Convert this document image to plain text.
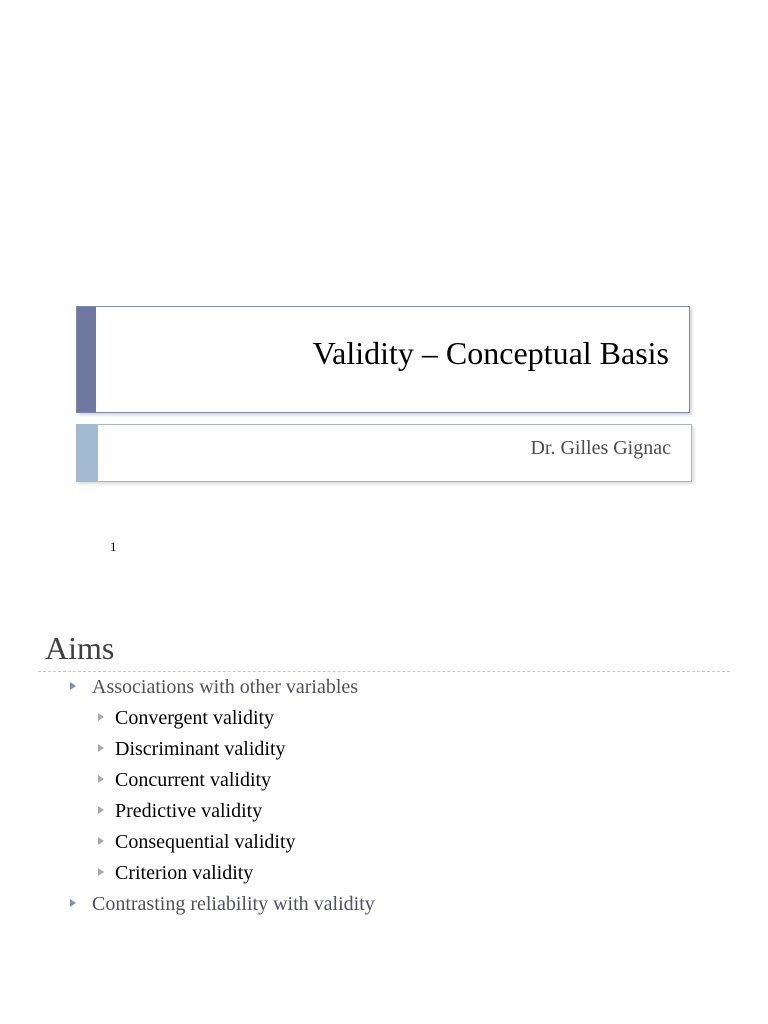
Validity – Conceptual Basis
Dr. Gilles Gignac
1
Aims
Associations with other variables
Convergent validity
Discriminant validity
Concurrent validity
Predictive validity
Consequential validity
Criterion validity
Contrasting reliability with validity
